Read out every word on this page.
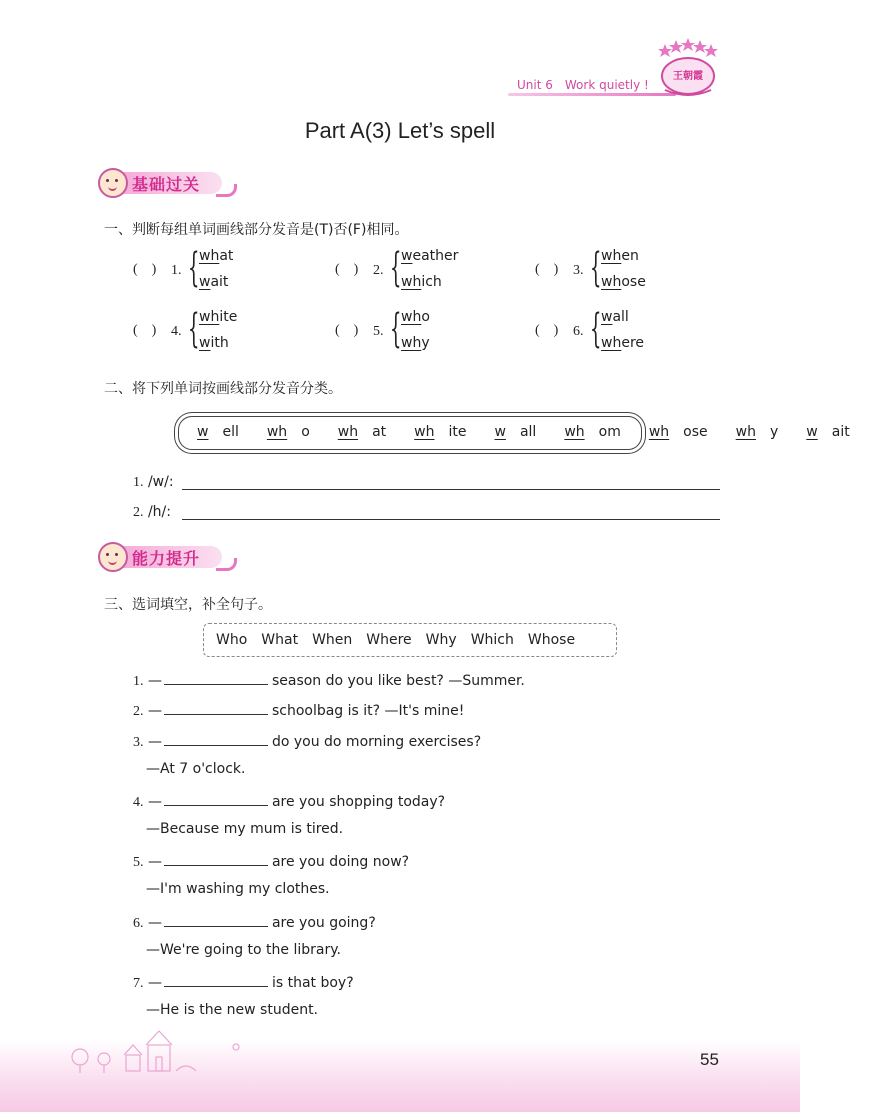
Unit 6 Work quietly !
王朝霞
Part A(3) Let’s spell
基础过关
一、判断每组单词画线部分发音是(T)否(F)相同。
(    ) 1. { what
wait
(    ) 2. { weather
which
(    ) 3. { when
whose
(    ) 4. { white
with
(    ) 5. { who
why
(    ) 6. { wall
where
二、将下列单词按画线部分发音分类。
w ell wh o wh at wh ite w all wh om wh ose wh y w ait
1. /w/:
2. /h/:
能力提升
三、选词填空，补全句子。
Who What When Where Why Which Whose
1. —	season do you like best? —Summer.
2. —	schoolbag is it? —It's mine!
3. —	do you do morning exercises?
—At 7 o'clock.
4. —	are you shopping today?
—Because my mum is tired.
5. —	are you doing now?
—I'm washing my clothes.
6. —	are you going?
—We're going to the library.
7. —	is that boy?
—He is the new student.
55
